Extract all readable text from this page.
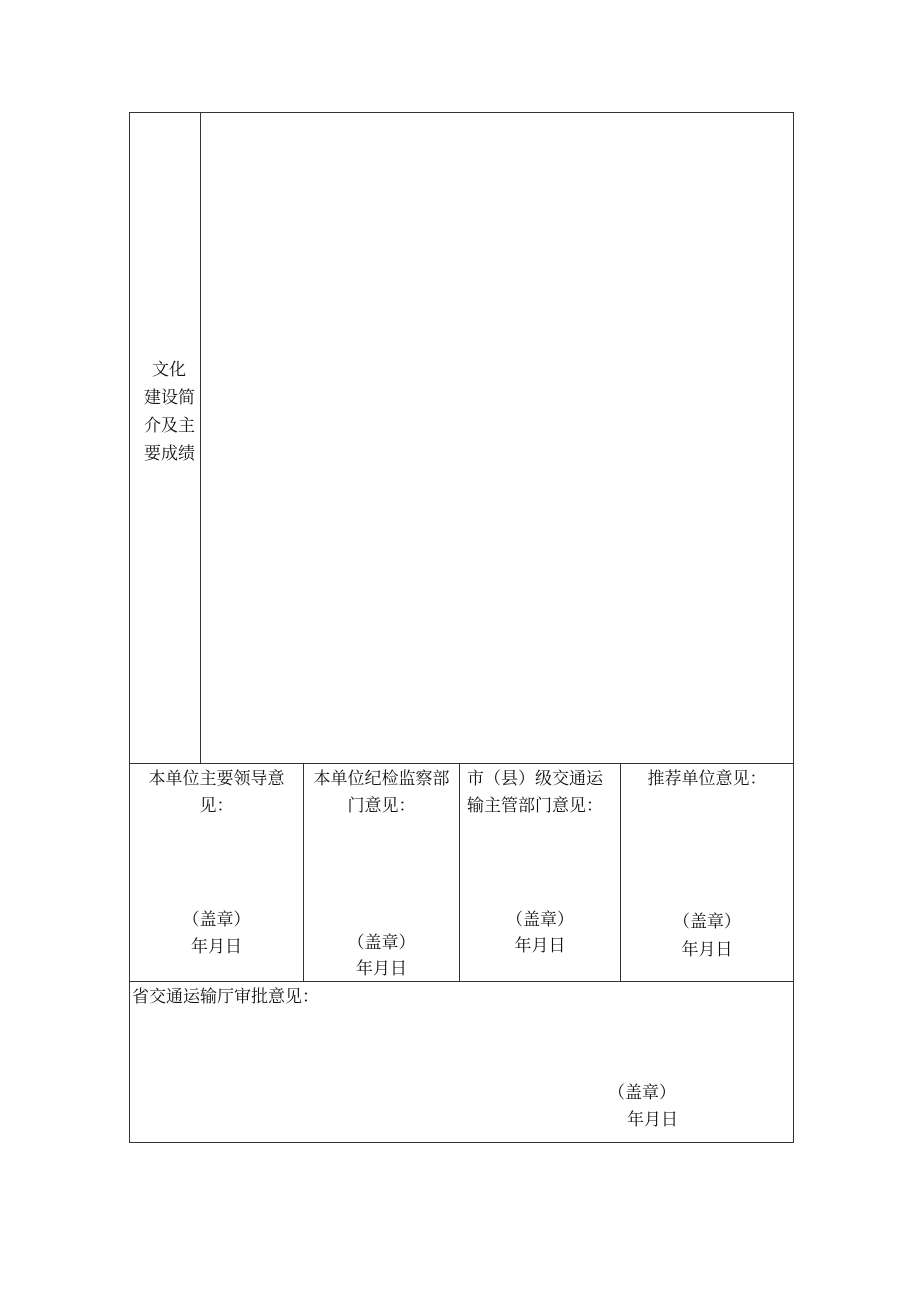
文化建设简介及主要成绩
本单位主要领导意
见：
（盖章）
年月日
本单位纪检监察部
门意见：
（盖章）
年月日
市（县）级交通运
输主管部门意见：
（盖章）
年月日
推荐单位意见：
（盖章）
年月日
省交通运输厅审批意见：
（盖章）
年月日
